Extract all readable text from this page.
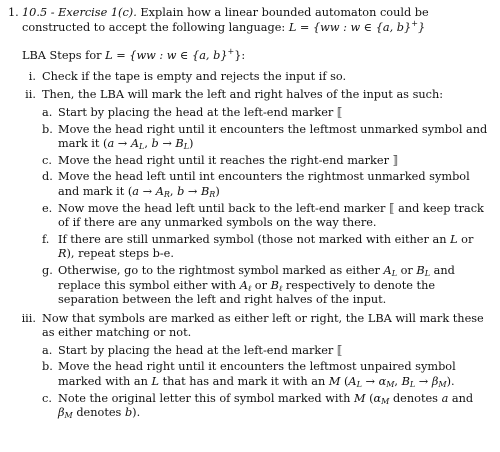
1. 10.5 - Exercise 1(c). Explain how a linear bounded automaton could be constructed to accept the following language: L = {ww : w ∈ {a, b}+}

LBA Steps for L = {ww : w ∈ {a, b}+}:

i. Check if the tape is empty and rejects the input if so.
ii. Then, the LBA will mark the left and right halves of the input as such:
a. Start by placing the head at the left-end marker ⟦
b. Move the head right until it encounters the leftmost unmarked symbol and mark it ($a \to A_L$, $b \to B_L$)
c. Move the head right until it reaches the right-end marker ⟧
d. Move the head left until int encounters the rightmost unmarked symbol and mark it ($a \to A_R$, $b \to B_R$)
e. Now move the head left until back to the left-end marker ⟦ and keep track of if there are any unmarked symbols on the way there.
f. If there are still unmarked symbol (those not marked with either an L or R), repeat steps b-e.
g. Otherwise, go to the rightmost symbol marked as either $A_L$ or $B_L$ and replace this symbol either with $A_\ell$ or $B_\ell$ respectively to denote the separation between the left and right halves of the input.
iii. Now that symbols are marked as either left or right, the LBA will mark these as either matching or not.
a. Start by placing the head at the left-end marker ⟦
b. Move the head right until it encounters the leftmost unpaired symbol marked with an L that has and mark it with an M ($A_L \to \alpha_M$, $B_L \to \beta_M$).
c. Note the original letter this of symbol marked with M ($\alpha_M$ denotes a and $\beta_M$ denotes b).
